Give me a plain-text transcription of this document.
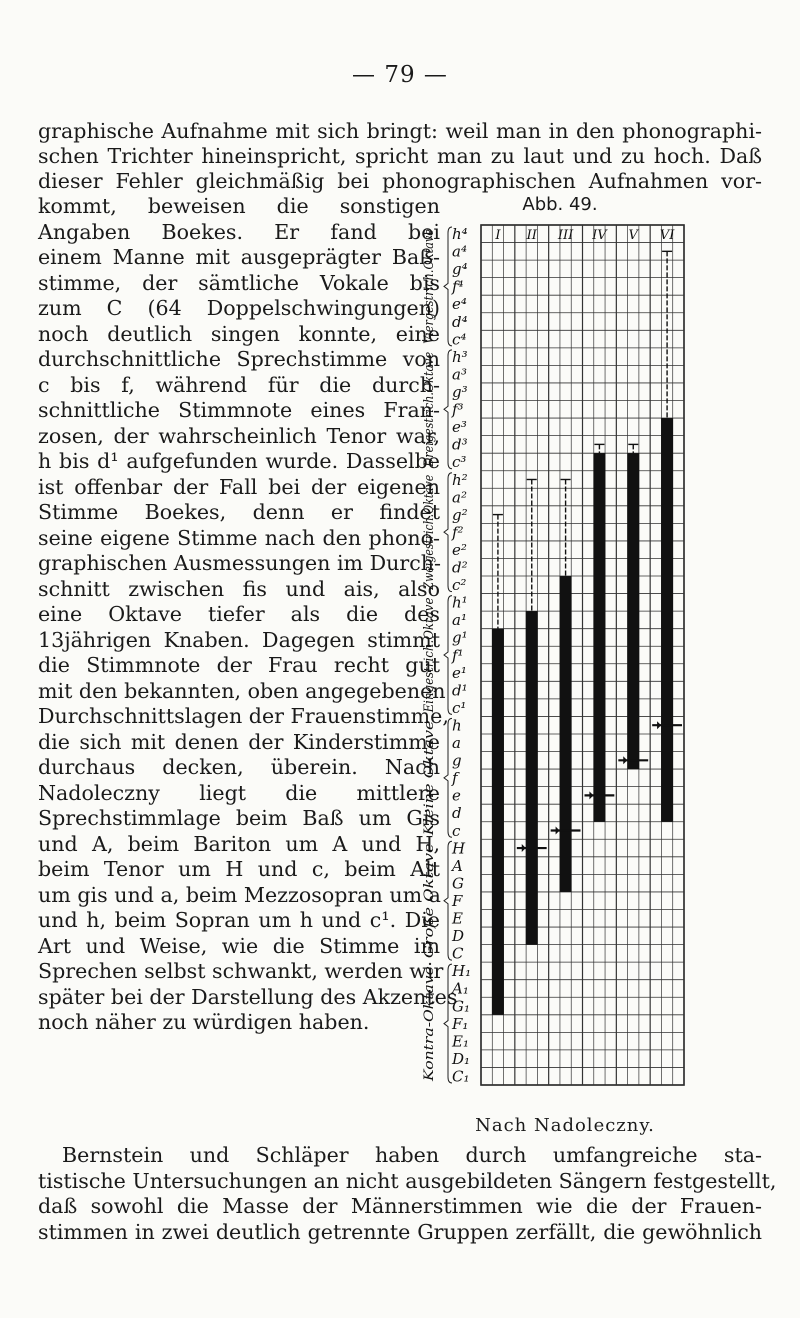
— 79 —
graphische Aufnahme mit sich bringt: weil man in den phonographi-
schen Trichter hineinspricht, spricht man zu laut und zu hoch. Daß
dieser Fehler gleichmäßig bei phonographischen Aufnahmen vor-
kommt, beweisen die sonstigen
Angaben Boekes. Er fand bei
einem Manne mit ausgeprägter Baß-
stimme, der sämtliche Vokale bis
zum C (64 Doppelschwingungen)
noch deutlich singen konnte, eine
durchschnittliche Sprechstimme von
c bis f, während für die durch-
schnittliche Stimmnote eines Fran-
zosen, der wahrscheinlich Tenor war,
h bis d¹ aufgefunden wurde. Dasselbe
ist offenbar der Fall bei der eigenen
Stimme Boekes, denn er findet
seine eigene Stimme nach den phono-
graphischen Ausmessungen im Durch-
schnitt zwischen fis und ais, also
eine Oktave tiefer als die des
13jährigen Knaben. Dagegen stimmt
die Stimmnote der Frau recht gut
mit den bekannten, oben angegebenen
Durchschnittslagen der Frauenstimme,
die sich mit denen der Kinderstimme
durchaus decken, überein. Nach
Nadoleczny liegt die mittlere
Sprechstimmlage beim Baß um Gis
und A, beim Bariton um A und H,
beim Tenor um H und c, beim Alt
um gis und a, beim Mezzosopran um a
und h, beim Sopran um h und c¹. Die
Art und Weise, wie die Stimme im
Sprechen selbst schwankt, werden wir
später bei der Darstellung des Akzentes
noch näher zu würdigen haben.
Bernstein und Schläper haben durch umfangreiche sta-
tistische Untersuchungen an nicht ausgebildeten Sängern festgestellt,
daß sowohl die Masse der Männerstimmen wie die der Frauen-
stimmen in zwei deutlich getrennte Gruppen zerfällt, die gewöhnlich
Abb. 49.
I II III IV V VI
h⁴
a⁴
g⁴
f⁴
e⁴
d⁴
c⁴
h³
a³
g³
f³
e³
d³
c³
h²
a²
g²
f²
e²
d²
c²
h¹
a¹
g¹
f¹
e¹
d¹
c¹
h
a
g
f
e
d
c
H
A
G
F
E
D
C
H₁
A₁
G₁
F₁
E₁
D₁
C₁
Viergestrich.Oktave
Dreigestrich.Oktave
Zweigestrich.Oktave
Eingestrich.Oktave
Kleine Oktave
Große Oktave
Kontra-Oktave
Nach Nadoleczny.
